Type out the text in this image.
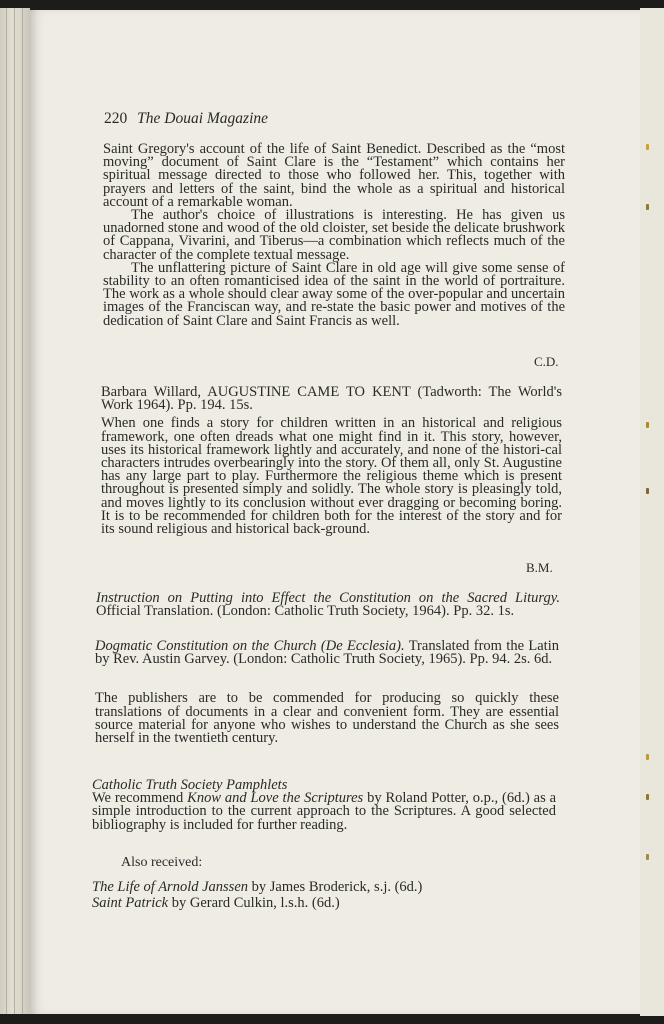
220 The Douai Magazine

Saint Gregory's account of the life of Saint Benedict. Described as the “most moving” document of Saint Clare is the “Testament” which contains her spiritual message directed to those who followed her. This, together with prayers and letters of the saint, bind the whole as a spiritual and historical account of a remarkable woman.

The author's choice of illustrations is interesting. He has given us unadorned stone and wood of the old cloister, set beside the delicate brushwork of Cappana, Vivarini, and Tiberus—a combination which reflects much of the character of the complete textual message.

The unflattering picture of Saint Clare in old age will give some sense of stability to an often romanticised idea of the saint in the world of portraiture. The work as a whole should clear away some of the over-popular and uncertain images of the Franciscan way, and re-state the basic power and motives of the dedication of Saint Clare and Saint Francis as well.

C.D.

Barbara Willard, AUGUSTINE CAME TO KENT (Tadworth: The World's Work 1964). Pp. 194. 15s.

When one finds a story for children written in an historical and religious framework, one often dreads what one might find in it. This story, however, uses its historical framework lightly and accurately, and none of the histori-cal characters intrudes overbearingly into the story. Of them all, only St. Augustine has any large part to play. Furthermore the religious theme which is present throughout is presented simply and solidly. The whole story is pleasingly told, and moves lightly to its conclusion without ever dragging or becoming boring. It is to be recommended for children both for the interest of the story and for its sound religious and historical back-ground.

B.M.

Instruction on Putting into Effect the Constitution on the Sacred Liturgy. Official Translation. (London: Catholic Truth Society, 1964). Pp. 32. 1s.

Dogmatic Constitution on the Church (De Ecclesia). Translated from the Latin by Rev. Austin Garvey. (London: Catholic Truth Society, 1965). Pp. 94. 2s. 6d.

The publishers are to be commended for producing so quickly these translations of documents in a clear and convenient form. They are essential source material for anyone who wishes to understand the Church as she sees herself in the twentieth century.

Catholic Truth Society Pamphlets

We recommend Know and Love the Scriptures by Roland Potter, o.p., (6d.) as a simple introduction to the current approach to the Scriptures. A good selected bibliography is included for further reading.

Also received:
The Life of Arnold Janssen by James Broderick, s.j. (6d.)
Saint Patrick by Gerard Culkin, l.s.h. (6d.)
